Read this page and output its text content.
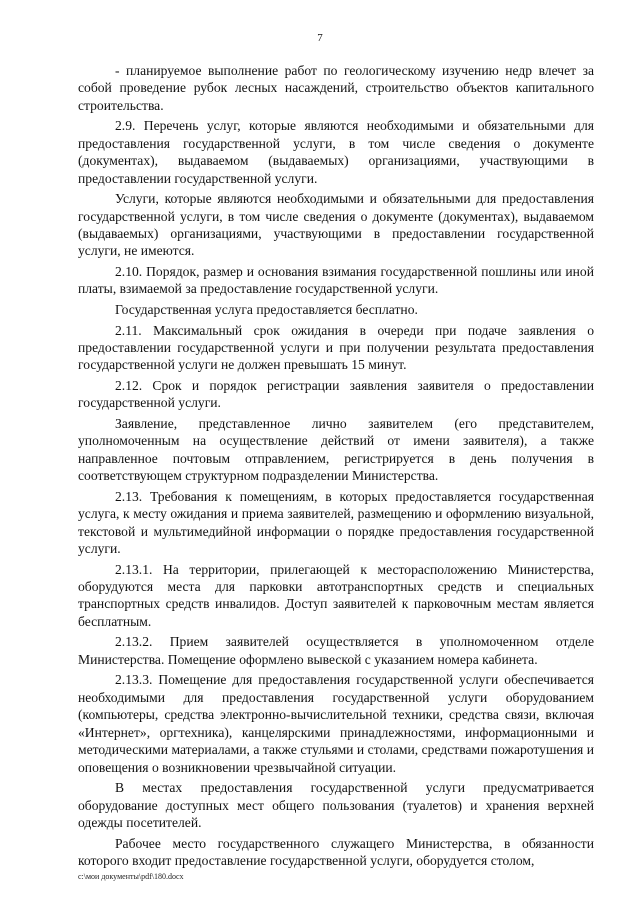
7

- планируемое выполнение работ по геологическому изучению недр влечет за собой проведение рубок лесных насаждений, строительство объектов капитального строительства.

2.9. Перечень услуг, которые являются необходимыми и обязательными для предоставления государственной услуги, в том числе сведения о документе (документах), выдаваемом (выдаваемых) организациями, участвующими в предоставлении государственной услуги.

Услуги, которые являются необходимыми и обязательными для предоставления государственной услуги, в том числе сведения о документе (документах), выдаваемом (выдаваемых) организациями, участвующими в предоставлении государственной услуги, не имеются.

2.10. Порядок, размер и основания взимания государственной пошлины или иной платы, взимаемой за предоставление государственной услуги.

Государственная услуга предоставляется бесплатно.

2.11. Максимальный срок ожидания в очереди при подаче заявления о предоставлении государственной услуги и при получении результата предоставления государственной услуги не должен превышать 15 минут.

2.12. Срок и порядок регистрации заявления заявителя о предоставлении государственной услуги.

Заявление, представленное лично заявителем (его представителем, уполномоченным на осуществление действий от имени заявителя), а также направленное почтовым отправлением, регистрируется в день получения в соответствующем структурном подразделении Министерства.

2.13. Требования к помещениям, в которых предоставляется государственная услуга, к месту ожидания и приема заявителей, размещению и оформлению визуальной, текстовой и мультимедийной информации о порядке предоставления государственной услуги.

2.13.1. На территории, прилегающей к месторасположению Министерства, оборудуются места для парковки автотранспортных средств и специальных транспортных средств инвалидов. Доступ заявителей к парковочным местам является бесплатным.

2.13.2. Прием заявителей осуществляется в уполномоченном отделе Министерства. Помещение оформлено вывеской с указанием номера кабинета.

2.13.3. Помещение для предоставления государственной услуги обеспечивается необходимыми для предоставления государственной услуги оборудованием (компьютеры, средства электронно-вычислительной техники, средства связи, включая «Интернет», оргтехника), канцелярскими принадлежностями, информационными и методическими материалами, а также стульями и столами, средствами пожаротушения и оповещения о возникновении чрезвычайной ситуации.

В местах предоставления государственной услуги предусматривается оборудование доступных мест общего пользования (туалетов) и хранения верхней одежды посетителей.

Рабочее место государственного служащего Министерства, в обязанности которого входит предоставление государственной услуги, оборудуется столом,

c:\мои документы\pdf\180.docx
